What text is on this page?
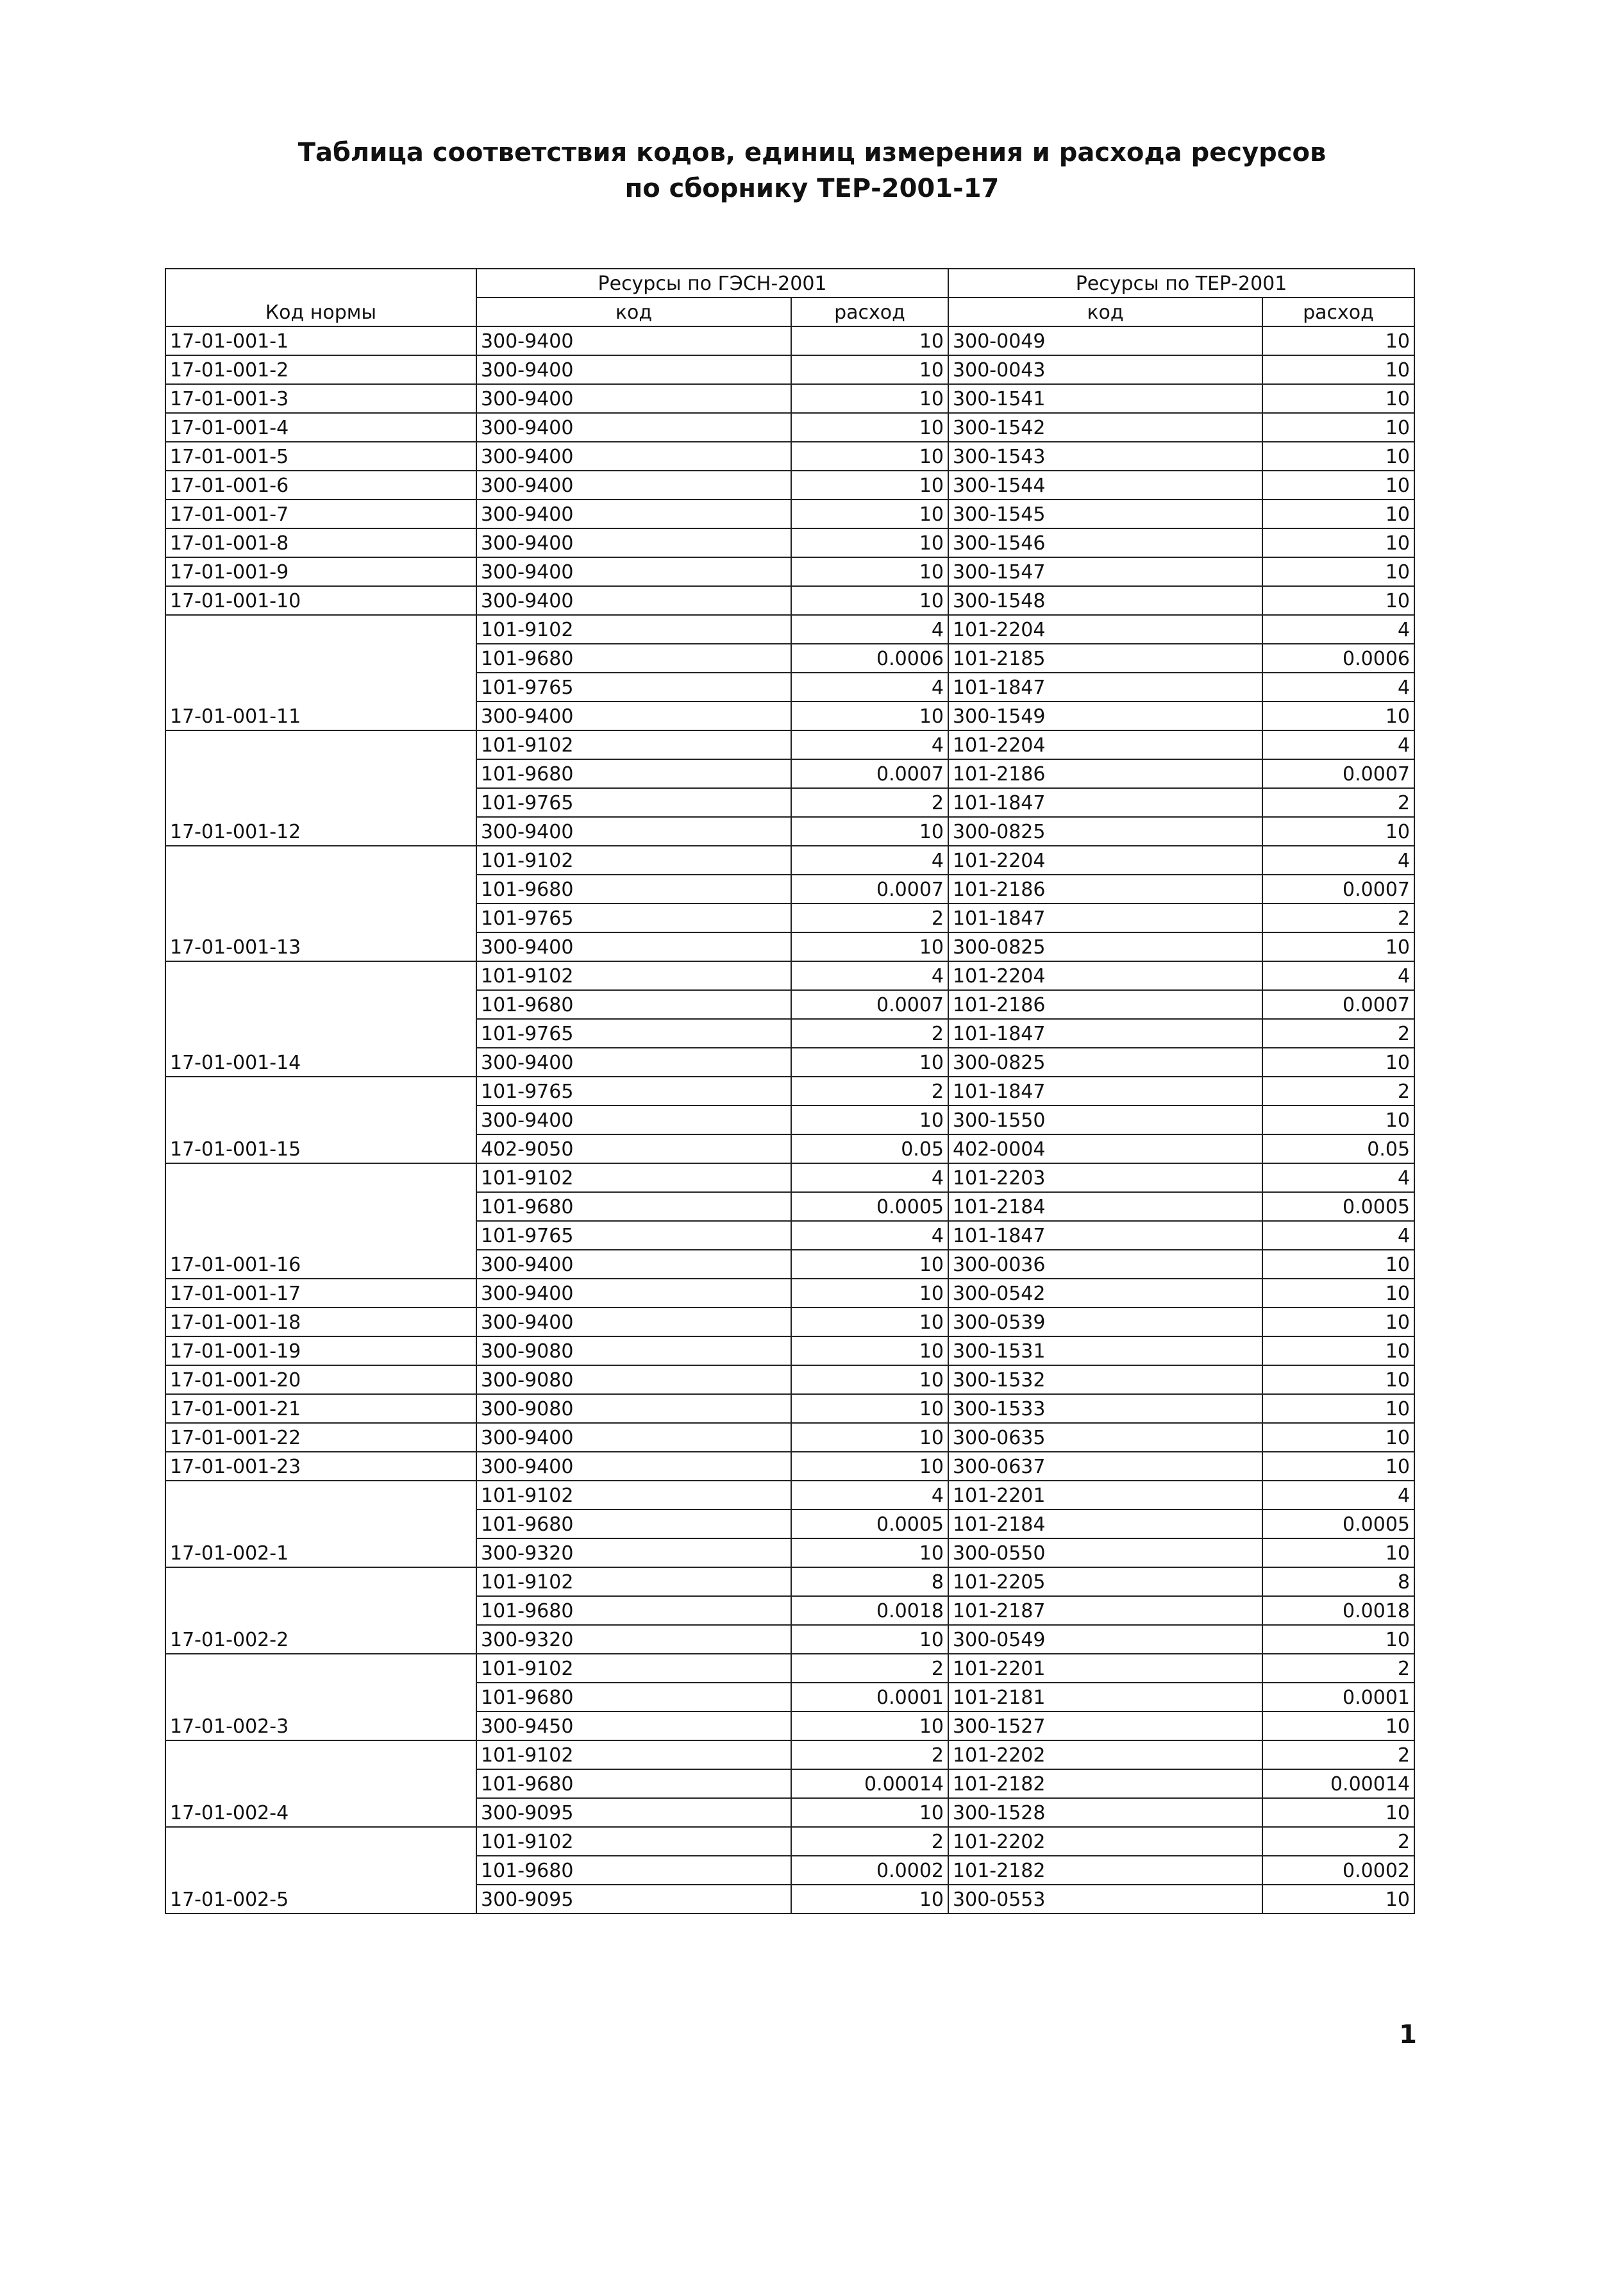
Таблица соответствия кодов, единиц измерения и расхода ресурсов
по сборнику ТЕР-2001-17
Код нормы	Ресурсы по ГЭСН-2001		Ресурсы по ТЕР-2001	
	код	расход	код	расход
17-01-001-1	300-9400	10	300-0049	10
17-01-001-2	300-9400	10	300-0043	10
17-01-001-3	300-9400	10	300-1541	10
17-01-001-4	300-9400	10	300-1542	10
17-01-001-5	300-9400	10	300-1543	10
17-01-001-6	300-9400	10	300-1544	10
17-01-001-7	300-9400	10	300-1545	10
17-01-001-8	300-9400	10	300-1546	10
17-01-001-9	300-9400	10	300-1547	10
17-01-001-10	300-9400	10	300-1548	10
17-01-001-11	101-9102	4	101-2204	4
	101-9680	0.0006	101-2185	0.0006
	101-9765	4	101-1847	4
	300-9400	10	300-1549	10
17-01-001-12	101-9102	4	101-2204	4
	101-9680	0.0007	101-2186	0.0007
	101-9765	2	101-1847	2
	300-9400	10	300-0825	10
17-01-001-13	101-9102	4	101-2204	4
	101-9680	0.0007	101-2186	0.0007
	101-9765	2	101-1847	2
	300-9400	10	300-0825	10
17-01-001-14	101-9102	4	101-2204	4
	101-9680	0.0007	101-2186	0.0007
	101-9765	2	101-1847	2
	300-9400	10	300-0825	10
17-01-001-15	101-9765	2	101-1847	2
	300-9400	10	300-1550	10
	402-9050	0.05	402-0004	0.05
17-01-001-16	101-9102	4	101-2203	4
	101-9680	0.0005	101-2184	0.0005
	101-9765	4	101-1847	4
	300-9400	10	300-0036	10
17-01-001-17	300-9400	10	300-0542	10
17-01-001-18	300-9400	10	300-0539	10
17-01-001-19	300-9080	10	300-1531	10
17-01-001-20	300-9080	10	300-1532	10
17-01-001-21	300-9080	10	300-1533	10
17-01-001-22	300-9400	10	300-0635	10
17-01-001-23	300-9400	10	300-0637	10
17-01-002-1	101-9102	4	101-2201	4
	101-9680	0.0005	101-2184	0.0005
	300-9320	10	300-0550	10
17-01-002-2	101-9102	8	101-2205	8
	101-9680	0.0018	101-2187	0.0018
	300-9320	10	300-0549	10
17-01-002-3	101-9102	2	101-2201	2
	101-9680	0.0001	101-2181	0.0001
	300-9450	10	300-1527	10
17-01-002-4	101-9102	2	101-2202	2
	101-9680	0.00014	101-2182	0.00014
	300-9095	10	300-1528	10
17-01-002-5	101-9102	2	101-2202	2
	101-9680	0.0002	101-2182	0.0002
	300-9095	10	300-0553	10
1
